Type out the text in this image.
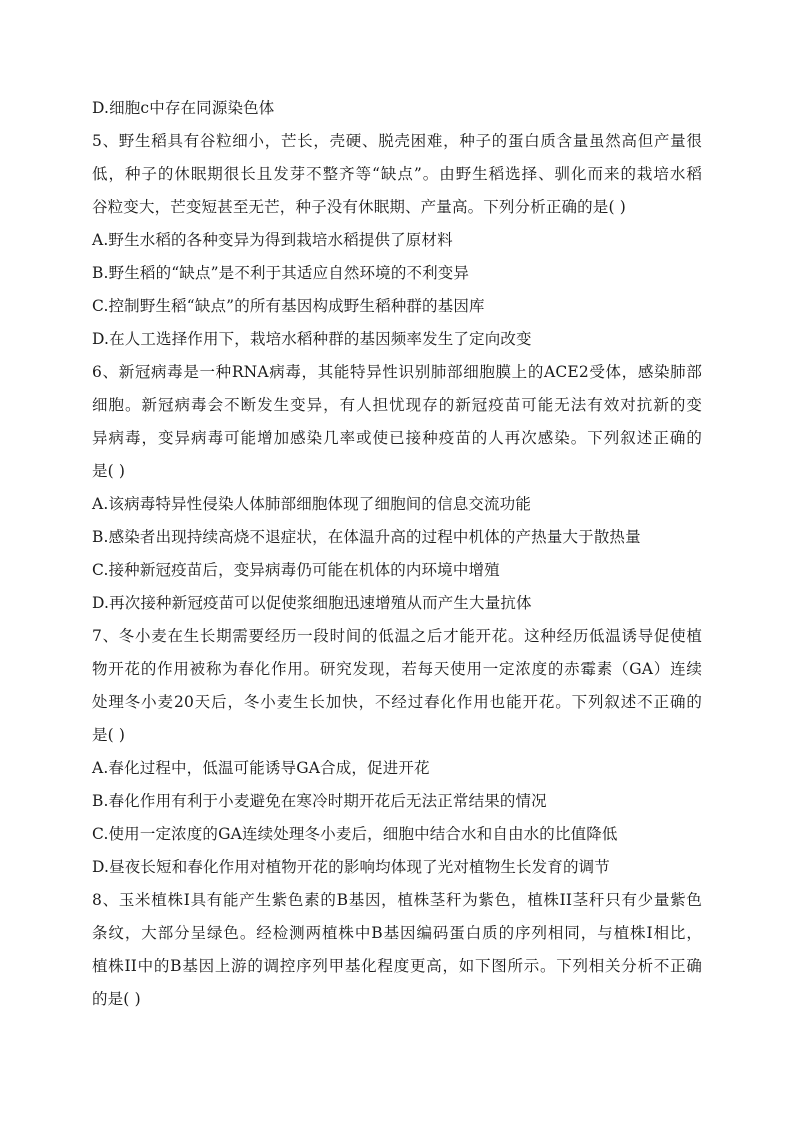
D.细胞c中存在同源染色体
5、野生稻具有谷粒细小，芒长，壳硬、脱壳困难，种子的蛋白质含量虽然高但产量很
低，种子的休眠期很长且发芽不整齐等“缺点”。由野生稻选择、驯化而来的栽培水稻
谷粒变大，芒变短甚至无芒，种子没有休眠期、产量高。下列分析正确的是( )
A.野生水稻的各种变异为得到栽培水稻提供了原材料
B.野生稻的“缺点”是不利于其适应自然环境的不利变异
C.控制野生稻“缺点”的所有基因构成野生稻种群的基因库
D.在人工选择作用下，栽培水稻种群的基因频率发生了定向改变
6、新冠病毒是一种RNA病毒，其能特异性识别肺部细胞膜上的ACE2受体，感染肺部
细胞。新冠病毒会不断发生变异，有人担忧现存的新冠疫苗可能无法有效对抗新的变
异病毒，变异病毒可能增加感染几率或使已接种疫苗的人再次感染。下列叙述正确的
是( )
A.该病毒特异性侵染人体肺部细胞体现了细胞间的信息交流功能
B.感染者出现持续高烧不退症状，在体温升高的过程中机体的产热量大于散热量
C.接种新冠疫苗后，变异病毒仍可能在机体的内环境中增殖
D.再次接种新冠疫苗可以促使浆细胞迅速增殖从而产生大量抗体
7、冬小麦在生长期需要经历一段时间的低温之后才能开花。这种经历低温诱导促使植
物开花的作用被称为春化作用。研究发现，若每天使用一定浓度的赤霉素（GA）连续
处理冬小麦20天后，冬小麦生长加快，不经过春化作用也能开花。下列叙述不正确的
是( )
A.春化过程中，低温可能诱导GA合成，促进开花
B.春化作用有利于小麦避免在寒冷时期开花后无法正常结果的情况
C.使用一定浓度的GA连续处理冬小麦后，细胞中结合水和自由水的比值降低
D.昼夜长短和春化作用对植物开花的影响均体现了光对植物生长发育的调节
8、玉米植株I具有能产生紫色素的B基因，植株茎秆为紫色，植株II茎秆只有少量紫色
条纹，大部分呈绿色。经检测两植株中B基因编码蛋白质的序列相同，与植株I相比，
植株II中的B基因上游的调控序列甲基化程度更高，如下图所示。下列相关分析不正确
的是( )
